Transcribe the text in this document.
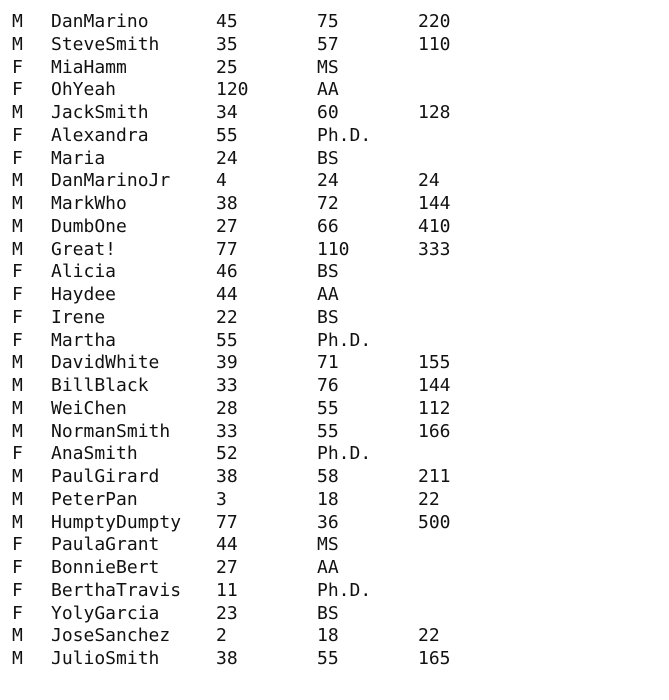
M DanMarino	45	75	220
M SteveSmith	35	57	110
F MiaHamm	25	MS
F OhYeah	120	AA
M JackSmith	34	60	128
F Alexandra	55	Ph.D.
F Maria	24	BS
M DanMarinoJr	4	24	24
M MarkWho	38	72	144
M DumbOne	27	66	410
M Great!	77	110	333
F Alicia	46	BS
F Haydee	44	AA
F Irene	22	BS
F Martha	55	Ph.D.
M DavidWhite	39	71	155
M BillBlack	33	76	144
M WeiChen	28	55	112
M NormanSmith	33	55	166
F AnaSmith	52	Ph.D.
M PaulGirard	38	58	211
M PeterPan	3	18	22
M HumptyDumpty 77	36	500
F PaulaGrant	44	MS
F BonnieBert	27	AA
F BerthaTravis 11	Ph.D.
F YolyGarcia	23	BS
M JoseSanchez	2	18	22
M JulioSmith	38	55	165
